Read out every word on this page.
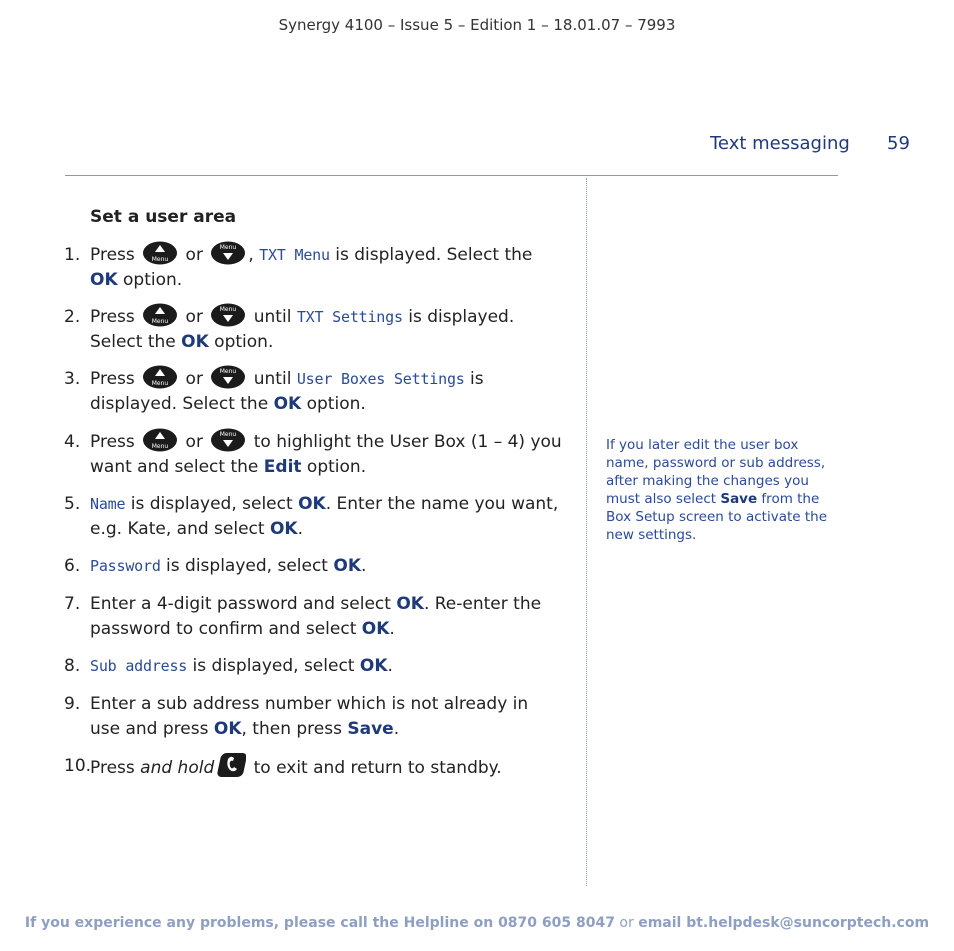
Synergy 4100 – Issue 5 – Edition 1 – 18.01.07 – 7993
Text messaging 59
Set a user area
1. Press Menu or Menu , TXT Menu is displayed. Select the OK option.
2. Press Menu or Menu until TXT Settings is displayed. Select the OK option.
3. Press Menu or Menu until User Boxes Settings is displayed. Select the OK option.
4. Press Menu or Menu to highlight the User Box (1 – 4) you want and select the Edit option.
5. Name is displayed, select OK. Enter the name you want, e.g. Kate, and select OK.
6. Password is displayed, select OK.
7. Enter a 4-digit password and select OK. Re-enter the password to confirm and select OK.
8. Sub address is displayed, select OK.
9. Enter a sub address number which is not already in use and press OK, then press Save.
10.
Press and hold to exit and return to standby.
If you later edit the user box name, password or sub address, after making the changes you must also select Save from the Box Setup screen to activate the new settings.
If you experience any problems, please call the Helpline on 0870 605 8047 or email bt.helpdesk@suncorptech.com
